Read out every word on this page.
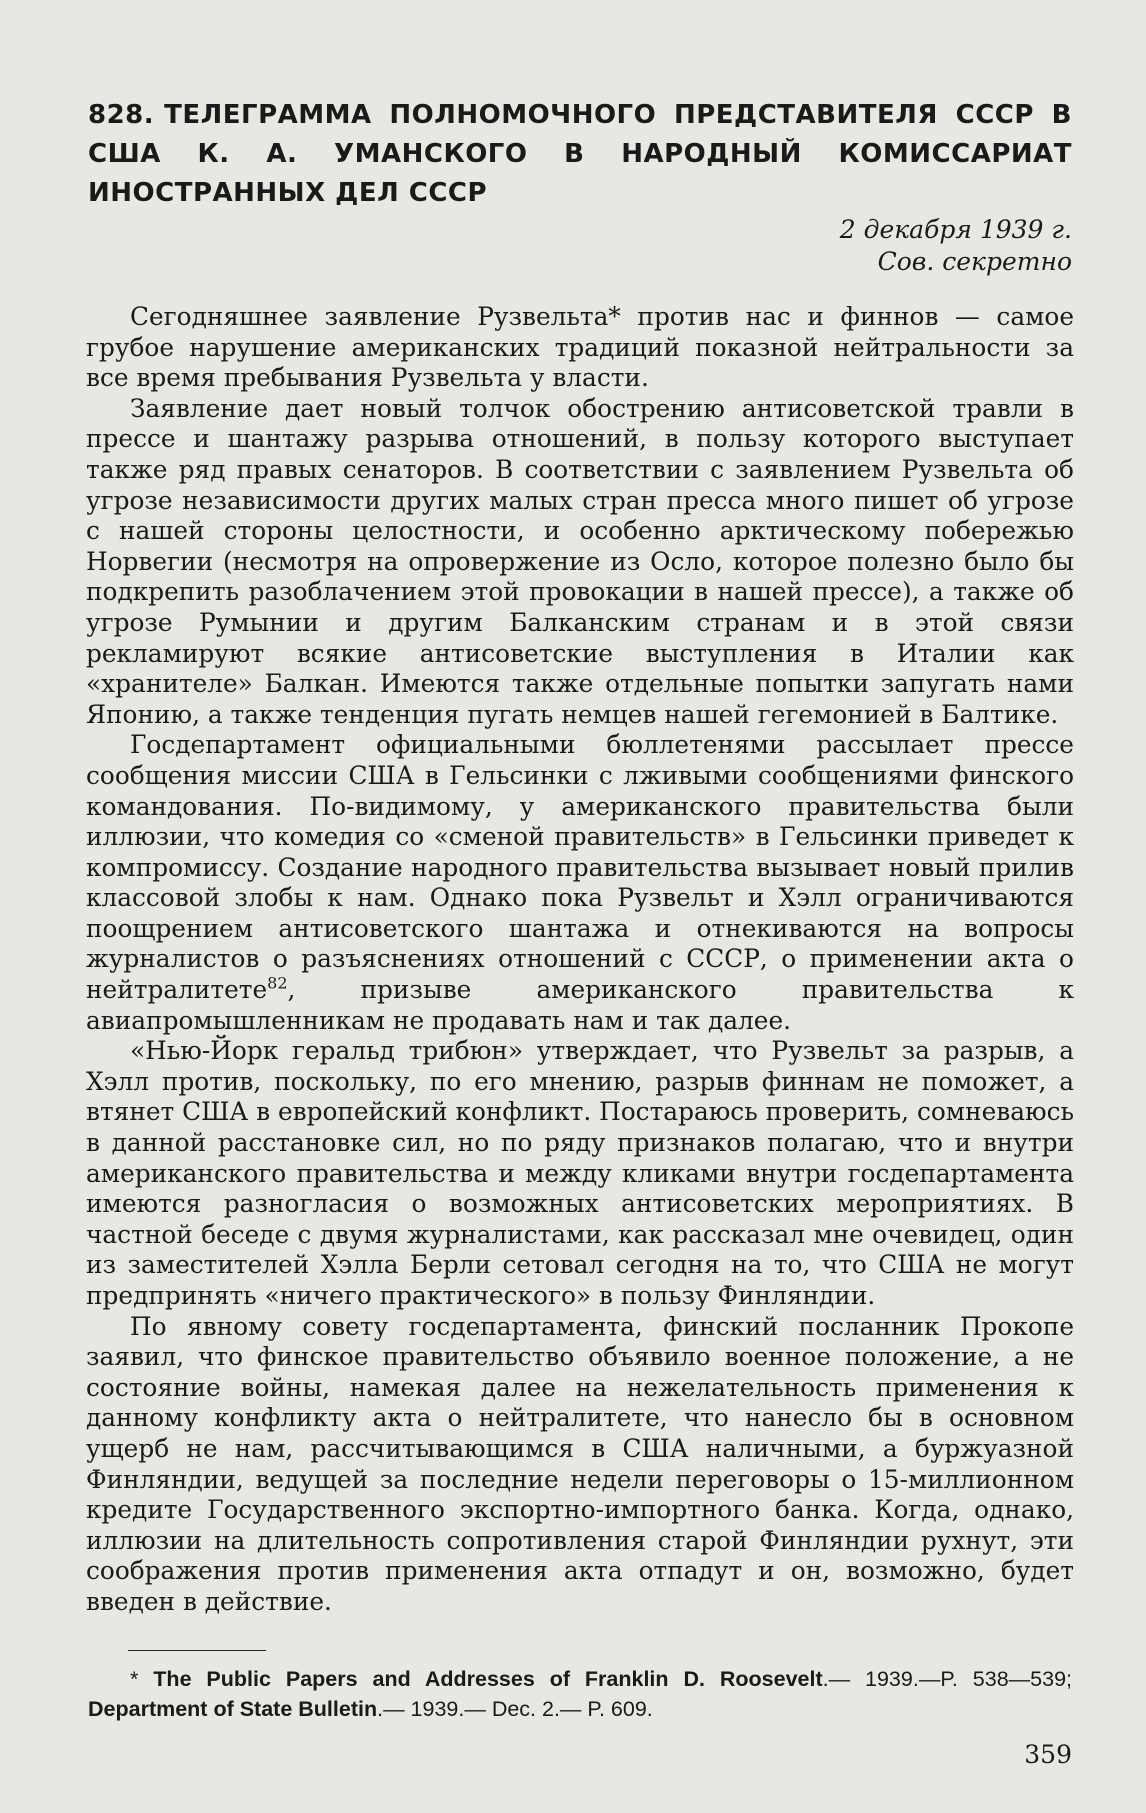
828. ТЕЛЕГРАММА ПОЛНОМОЧНОГО ПРЕДСТАВИТЕЛЯ СССР В США К. А. УМАНСКОГО В НАРОДНЫЙ КОМИССАРИАТ ИНОСТРАННЫХ ДЕЛ СССР
2 декабря 1939 г.
Сов. секретно

Сегодняшнее заявление Рузвельта* против нас и финнов — самое грубое нарушение американских традиций показной нейтральности за все время пребывания Рузвельта у власти.

Заявление дает новый толчок обострению антисоветской травли в прессе и шантажу разрыва отношений, в пользу которого выступает также ряд правых сенаторов. В соответствии с заявлением Рузвельта об угрозе независимости других малых стран пресса много пишет об угрозе с нашей стороны целостности, и особенно арктическому побережью Норвегии (несмотря на опровержение из Осло, которое полезно было бы подкрепить разоблачением этой провокации в нашей прессе), а также об угрозе Румынии и другим Балканским странам и в этой связи рекламируют всякие антисоветские выступления в Италии как «хранителе» Балкан. Имеются также отдельные попытки запугать нами Японию, а также тенденция пугать немцев нашей гегемонией в Балтике.

Госдепартамент официальными бюллетенями рассылает прессе сообщения миссии США в Гельсинки с лживыми сообщениями финского командования. По-видимому, у американского правительства были иллюзии, что комедия со «сменой правительств» в Гельсинки приведет к компромиссу. Создание народного правительства вызывает новый прилив классовой злобы к нам. Однако пока Рузвельт и Хэлл ограничиваются поощрением антисоветского шантажа и отнекиваются на вопросы журналистов о разъяснениях отношений с СССР, о применении акта о нейтралитете$^{82}$, призыве американского правительства к авиапромышленникам не продавать нам и так далее.

«Нью-Йорк геральд трибюн» утверждает, что Рузвельт за разрыв, а Хэлл против, поскольку, по его мнению, разрыв финнам не поможет, а втянет США в европейский конфликт. Постараюсь проверить, сомневаюсь в данной расстановке сил, но по ряду признаков полагаю, что и внутри американского правительства и между кликами внутри госдепартамента имеются разногласия о возможных антисоветских мероприятиях. В частной беседе с двумя журналистами, как рассказал мне очевидец, один из заместителей Хэлла Берли сетовал сегодня на то, что США не могут предпринять «ничего практического» в пользу Финляндии.

По явному совету госдепартамента, финский посланник Прокопе заявил, что финское правительство объявило военное положение, а не состояние войны, намекая далее на нежелательность применения к данному конфликту акта о нейтралитете, что нанесло бы в основном ущерб не нам, рассчитывающимся в США наличными, а буржуазной Финляндии, ведущей за последние недели переговоры о 15-миллионном кредите Государственного экспортно-импортного банка. Когда, однако, иллюзии на длительность сопротивления старой Финляндии рухнут, эти соображения против применения акта отпадут и он, возможно, будет введен в действие.

* The Public Papers and Addresses of Franklin D. Roosevelt.— 1939.—P. 538—539; Department of State Bulletin.— 1939.— Dec. 2.— P. 609.

359
